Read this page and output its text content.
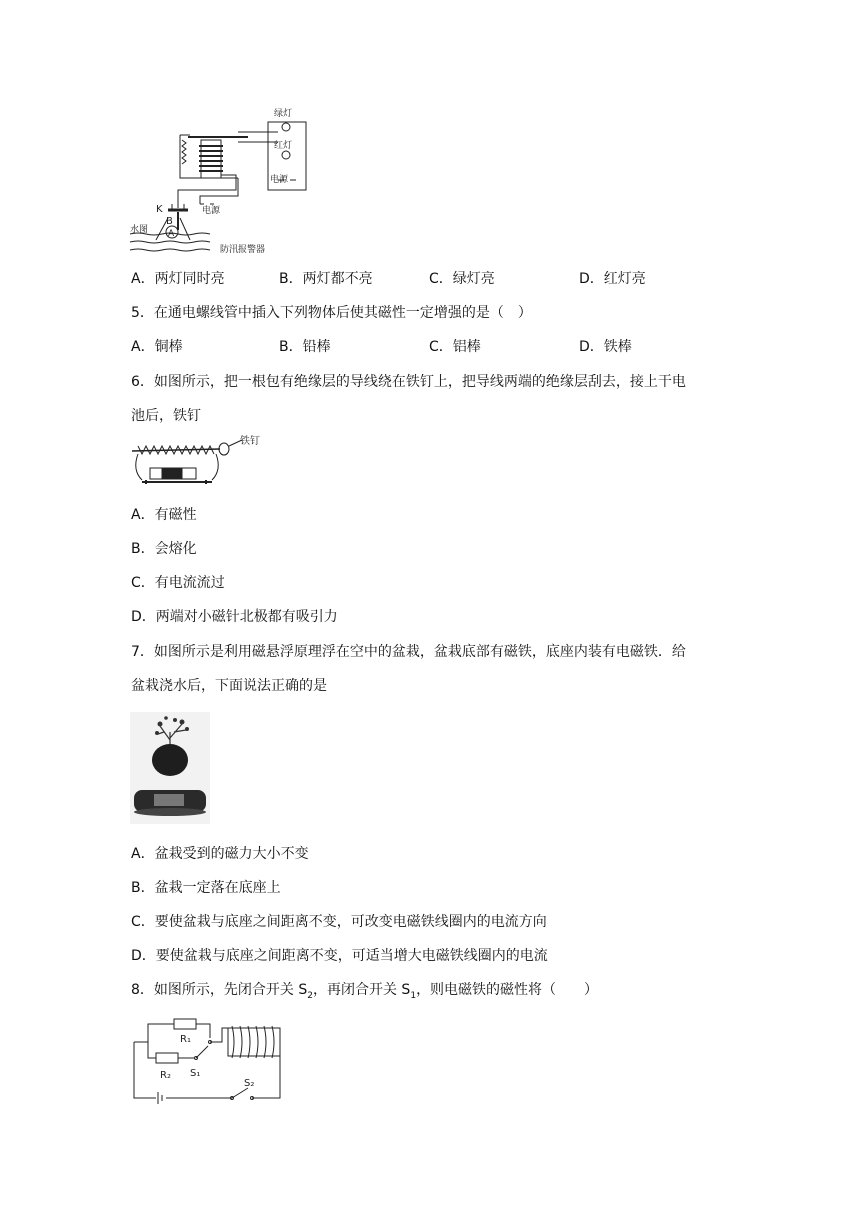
绿灯
红灯
电源
电源
K
B
A
水图
防汛报警器
A．两灯同时亮	B．两灯都不亮	C．绿灯亮	D．红灯亮
5．在通电螺线管中插入下列物体后使其磁性一定增强的是（　）
A．铜棒	B．铅棒	C．铝棒	D．铁棒
6．如图所示，把一根包有绝缘层的导线绕在铁钉上，把导线两端的绝缘层刮去，接上干电
池后，铁钉
铁钉
A．有磁性
B．会熔化
C．有电流流过
D．两端对小磁针北极都有吸引力
7．如图所示是利用磁悬浮原理浮在空中的盆栽，盆栽底部有磁铁，底座内装有电磁铁．给
盆栽浇水后，下面说法正确的是
A．盆栽受到的磁力大小不变
B．盆栽一定落在底座上
C．要使盆栽与底座之间距离不变，可改变电磁铁线圈内的电流方向
D．要使盆栽与底座之间距离不变，可适当增大电磁铁线圈内的电流
8．如图所示，先闭合开关 $S_2$，再闭合开关 $S_1$，则电磁铁的磁性将（　　）
R₁
R₂ S₁
S₂
